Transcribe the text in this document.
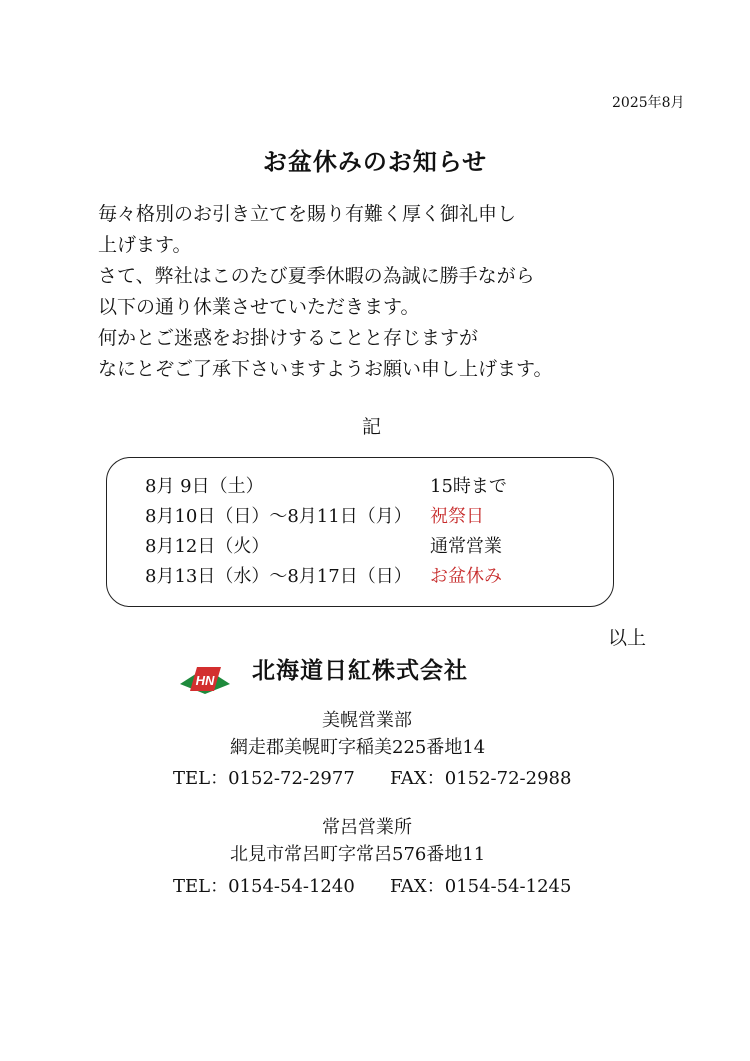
2025年8月
お盆休みのお知らせ
毎々格別のお引き立てを賜り有難く厚く御礼申し
上げます。
さて、弊社はこのたび夏季休暇の為誠に勝手ながら
以下の通り休業させていただきます。
何かとご迷惑をお掛けすることと存じますが
なにとぞご了承下さいますようお願い申し上げます。
記
8月 9日（土）	15時まで
8月10日（日）～8月11日（月） 祝祭日
8月12日（火）	通常営業
8月13日（水）～8月17日（日） お盆休み
以上
HN 北海道日紅株式会社
美幌営業部
網走郡美幌町字稲美225番地14
TEL：0152-72-2977 FAX：0152-72-2988
常呂営業所
北見市常呂町字常呂576番地11
TEL：0154-54-1240 FAX：0154-54-1245
